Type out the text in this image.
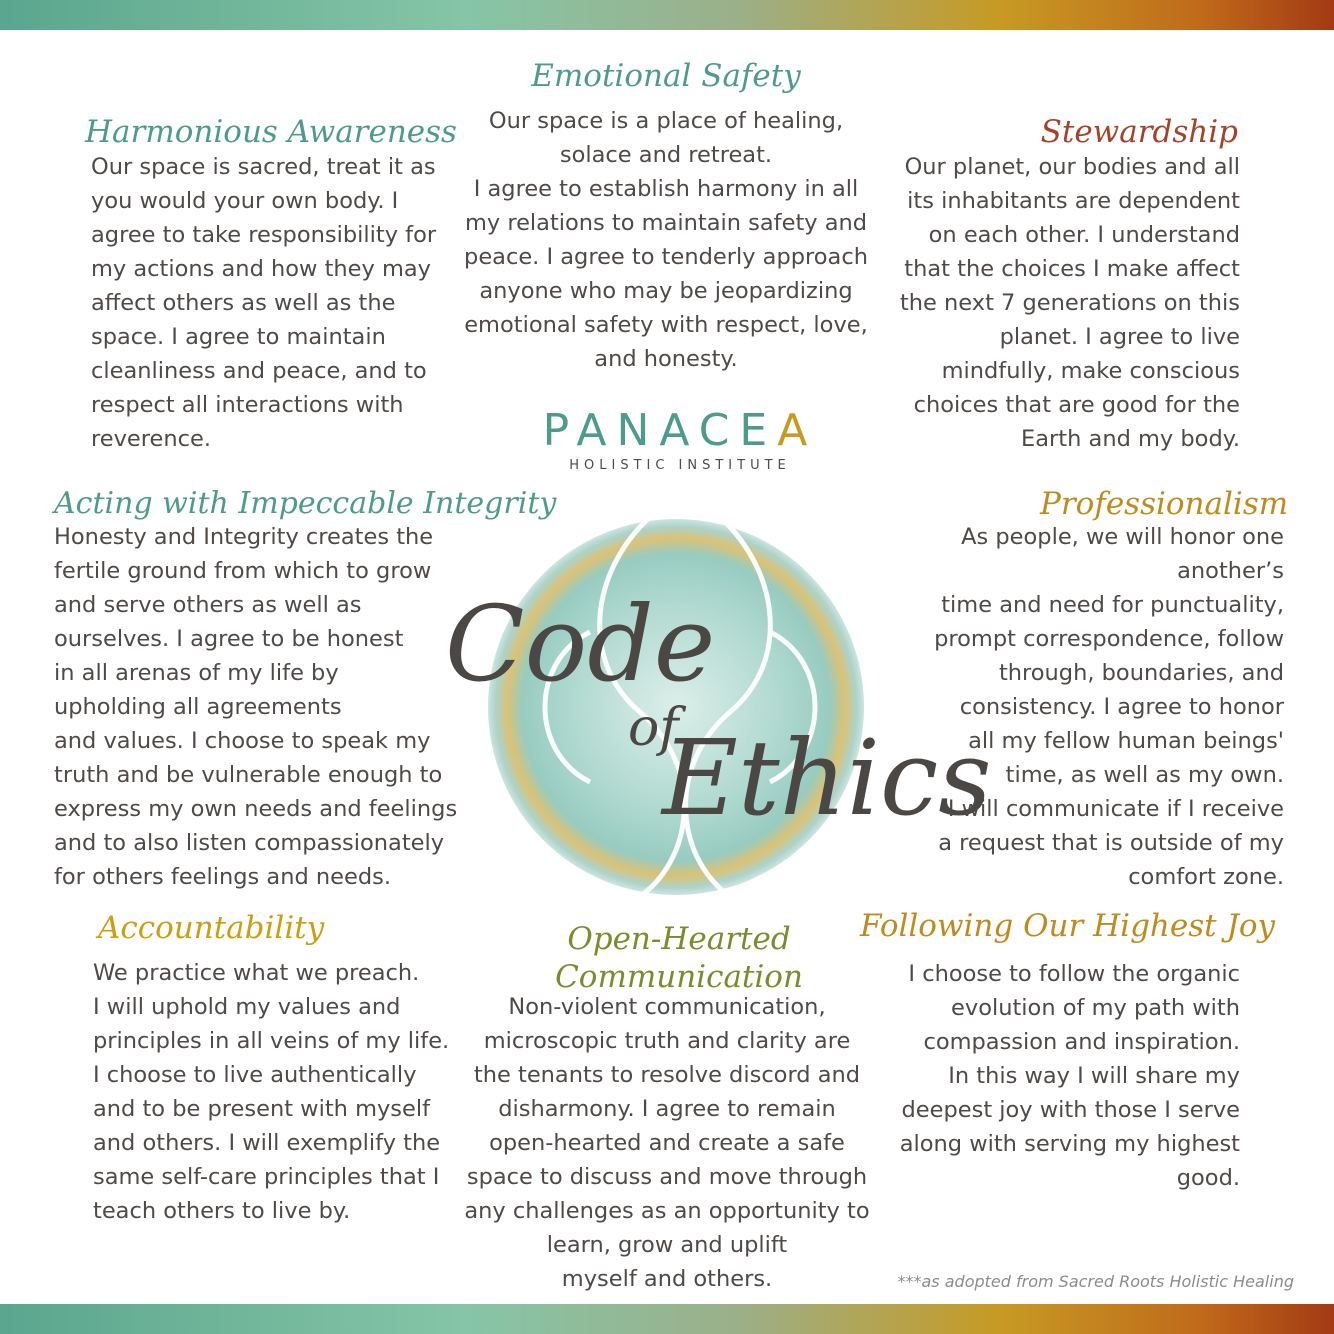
Emotional Safety
Our space is a place of healing,
solace and retreat.
I agree to establish harmony in all
my relations to maintain safety and
peace. I agree to tenderly approach
anyone who may be jeopardizing
emotional safety with respect, love,
and honesty.
Harmonious Awareness
Our space is sacred, treat it as
you would your own body. I
agree to take responsibility for
my actions and how they may
affect others as well as the
space. I agree to maintain
cleanliness and peace, and to
respect all interactions with
reverence.
Stewardship
Our planet, our bodies and all
its inhabitants are dependent
on each other. I understand
that the choices I make affect
the next 7 generations on this
planet. I agree to live
mindfully, make conscious
choices that are good for the
Earth and my body.
PANACEA
HOLISTIC INSTITUTE
Acting with Impeccable Integrity
Honesty and Integrity creates the
fertile ground from which to grow
and serve others as well as
ourselves. I agree to be honest
in all arenas of my life by
upholding all agreements
and values. I choose to speak my
truth and be vulnerable enough to
express my own needs and feelings
and to also listen compassionately
for others feelings and needs.
Professionalism
As people, we will honor one another’s
time and need for punctuality,
prompt correspondence, follow
through, boundaries, and
consistency. I agree to honor
all my fellow human beings'
time, as well as my own.
I will communicate if I receive
a request that is outside of my
comfort zone.
Code
of
Ethics
Accountability
We practice what we preach.
I will uphold my values and
principles in all veins of my life.
I choose to live authentically
and to be present with myself
and others. I will exemplify the
same self-care principles that I
teach others to live by.
Open-Hearted
Communication
Non-violent communication,
microscopic truth and clarity are
the tenants to resolve discord and
disharmony. I agree to remain
open-hearted and create a safe
space to discuss and move through
any challenges as an opportunity to
learn, grow and uplift
myself and others.
Following Our Highest Joy
I choose to follow the organic
evolution of my path with
compassion and inspiration.
In this way I will share my
deepest joy with those I serve
along with serving my highest
good.
***as adopted from Sacred Roots Holistic Healing
